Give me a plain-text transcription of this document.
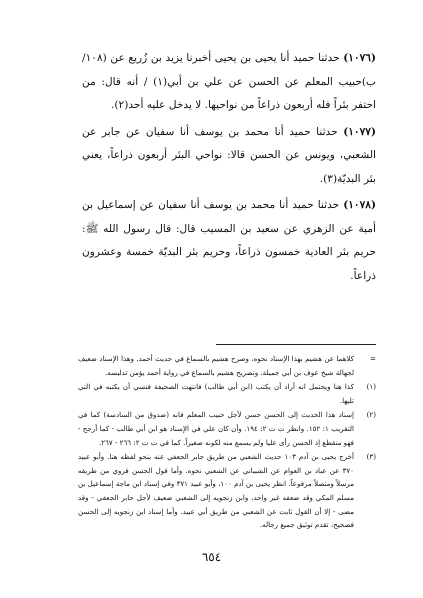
(١٠٧٦) حدثنا حميد أنا يحيى بن يحيى أخبرنا يزيد بن زُريع عن (١٠٨/ب)حبيب المعلم عن الحسن عن علي بن أبي(١) / أنه قال: من احتفر بئراً فله أربعون ذراعاً من نواحيها. لا يدخل عليه أحد(٢).

(١٠٧٧) حدثنا حميد أنا محمد بن يوسف أنا سفيان عن جابر عن الشعبي، ويونس عن الحسن قالا: نواحي البئر أربعون ذراعاً، يعني بئر البديّة(٣).

(١٠٧٨) حدثنا حميد أنا محمد بن يوسف أنا سفيان عن إسماعيل بن أمية عن الزهري عن سعيد بن المسيب قال: قال رسول الله ﷺ: حريم بئر العادية خمسون ذراعاً، وحريم بئر البديّة خمسة وعشرون ذراعاً.

=
كلاهما عن هشيم بهذا الإسناد نحوه، وصرح هشيم بالسماع في حديث أحمد. وهذا الإسناد ضعيف لجهالة شيخ عوف بن أبي جميلة. وتصريح هشيم بالسماع في رواية أحمد يؤمن تدليسه.
(١)
كذا هنا ويحتمل انه أراد أن يكتب (ابن أبي طالب) فانتهت الصحيفة فنسي أن يكتبه في التي تليها.
(٢)
إسناد هذا الحديث إلى الحسن حسن لأجل حبيب المعلم فانه (صدوق من السادسة) كما في التقريب ١: ١٥٢. وانظر ت ت ٢: ١٩٤. وأن كان علي في الإسناد هو ابن أبي طالب - كما أرجح - فهو منقطع إذ الحسن رأى عليا ولم يسمع منه لكونه صغيراً. كما في ت ت ٢: ٢٦٦ - ٢٦٧.
(٣)
أخرج يحيى بن آدم ١٠٣ حديث الشعبي من طريق جابر الجعفي عنه بنحو لفظه هنا. وأبو عبيد ٣٧٠ عن عباد بن العوام عن الشيباني عن الشعبي نحوه. وأما قول الحسن فروي من طريقه مرسلاً ومتصلاً مرفوعاً. انظر يحيى بن آدم ١٠٠، وأبو عبيد ٣٧١ وفي إسناد ابن ماجة إسماعيل بن مسلم المكي وقد ضعفه غير واحد، وابن زنجويه إلى الشعبي ضعيف لأجل جابر الجعفي - وقد مضى - إلا أن القول ثابت عن الشعبي من طريق أبي عبيد. وأما إسناد ابن زنجويه إلى الحسن فصحيح، تقدم توثيق جميع رجاله.
٦٥٤
